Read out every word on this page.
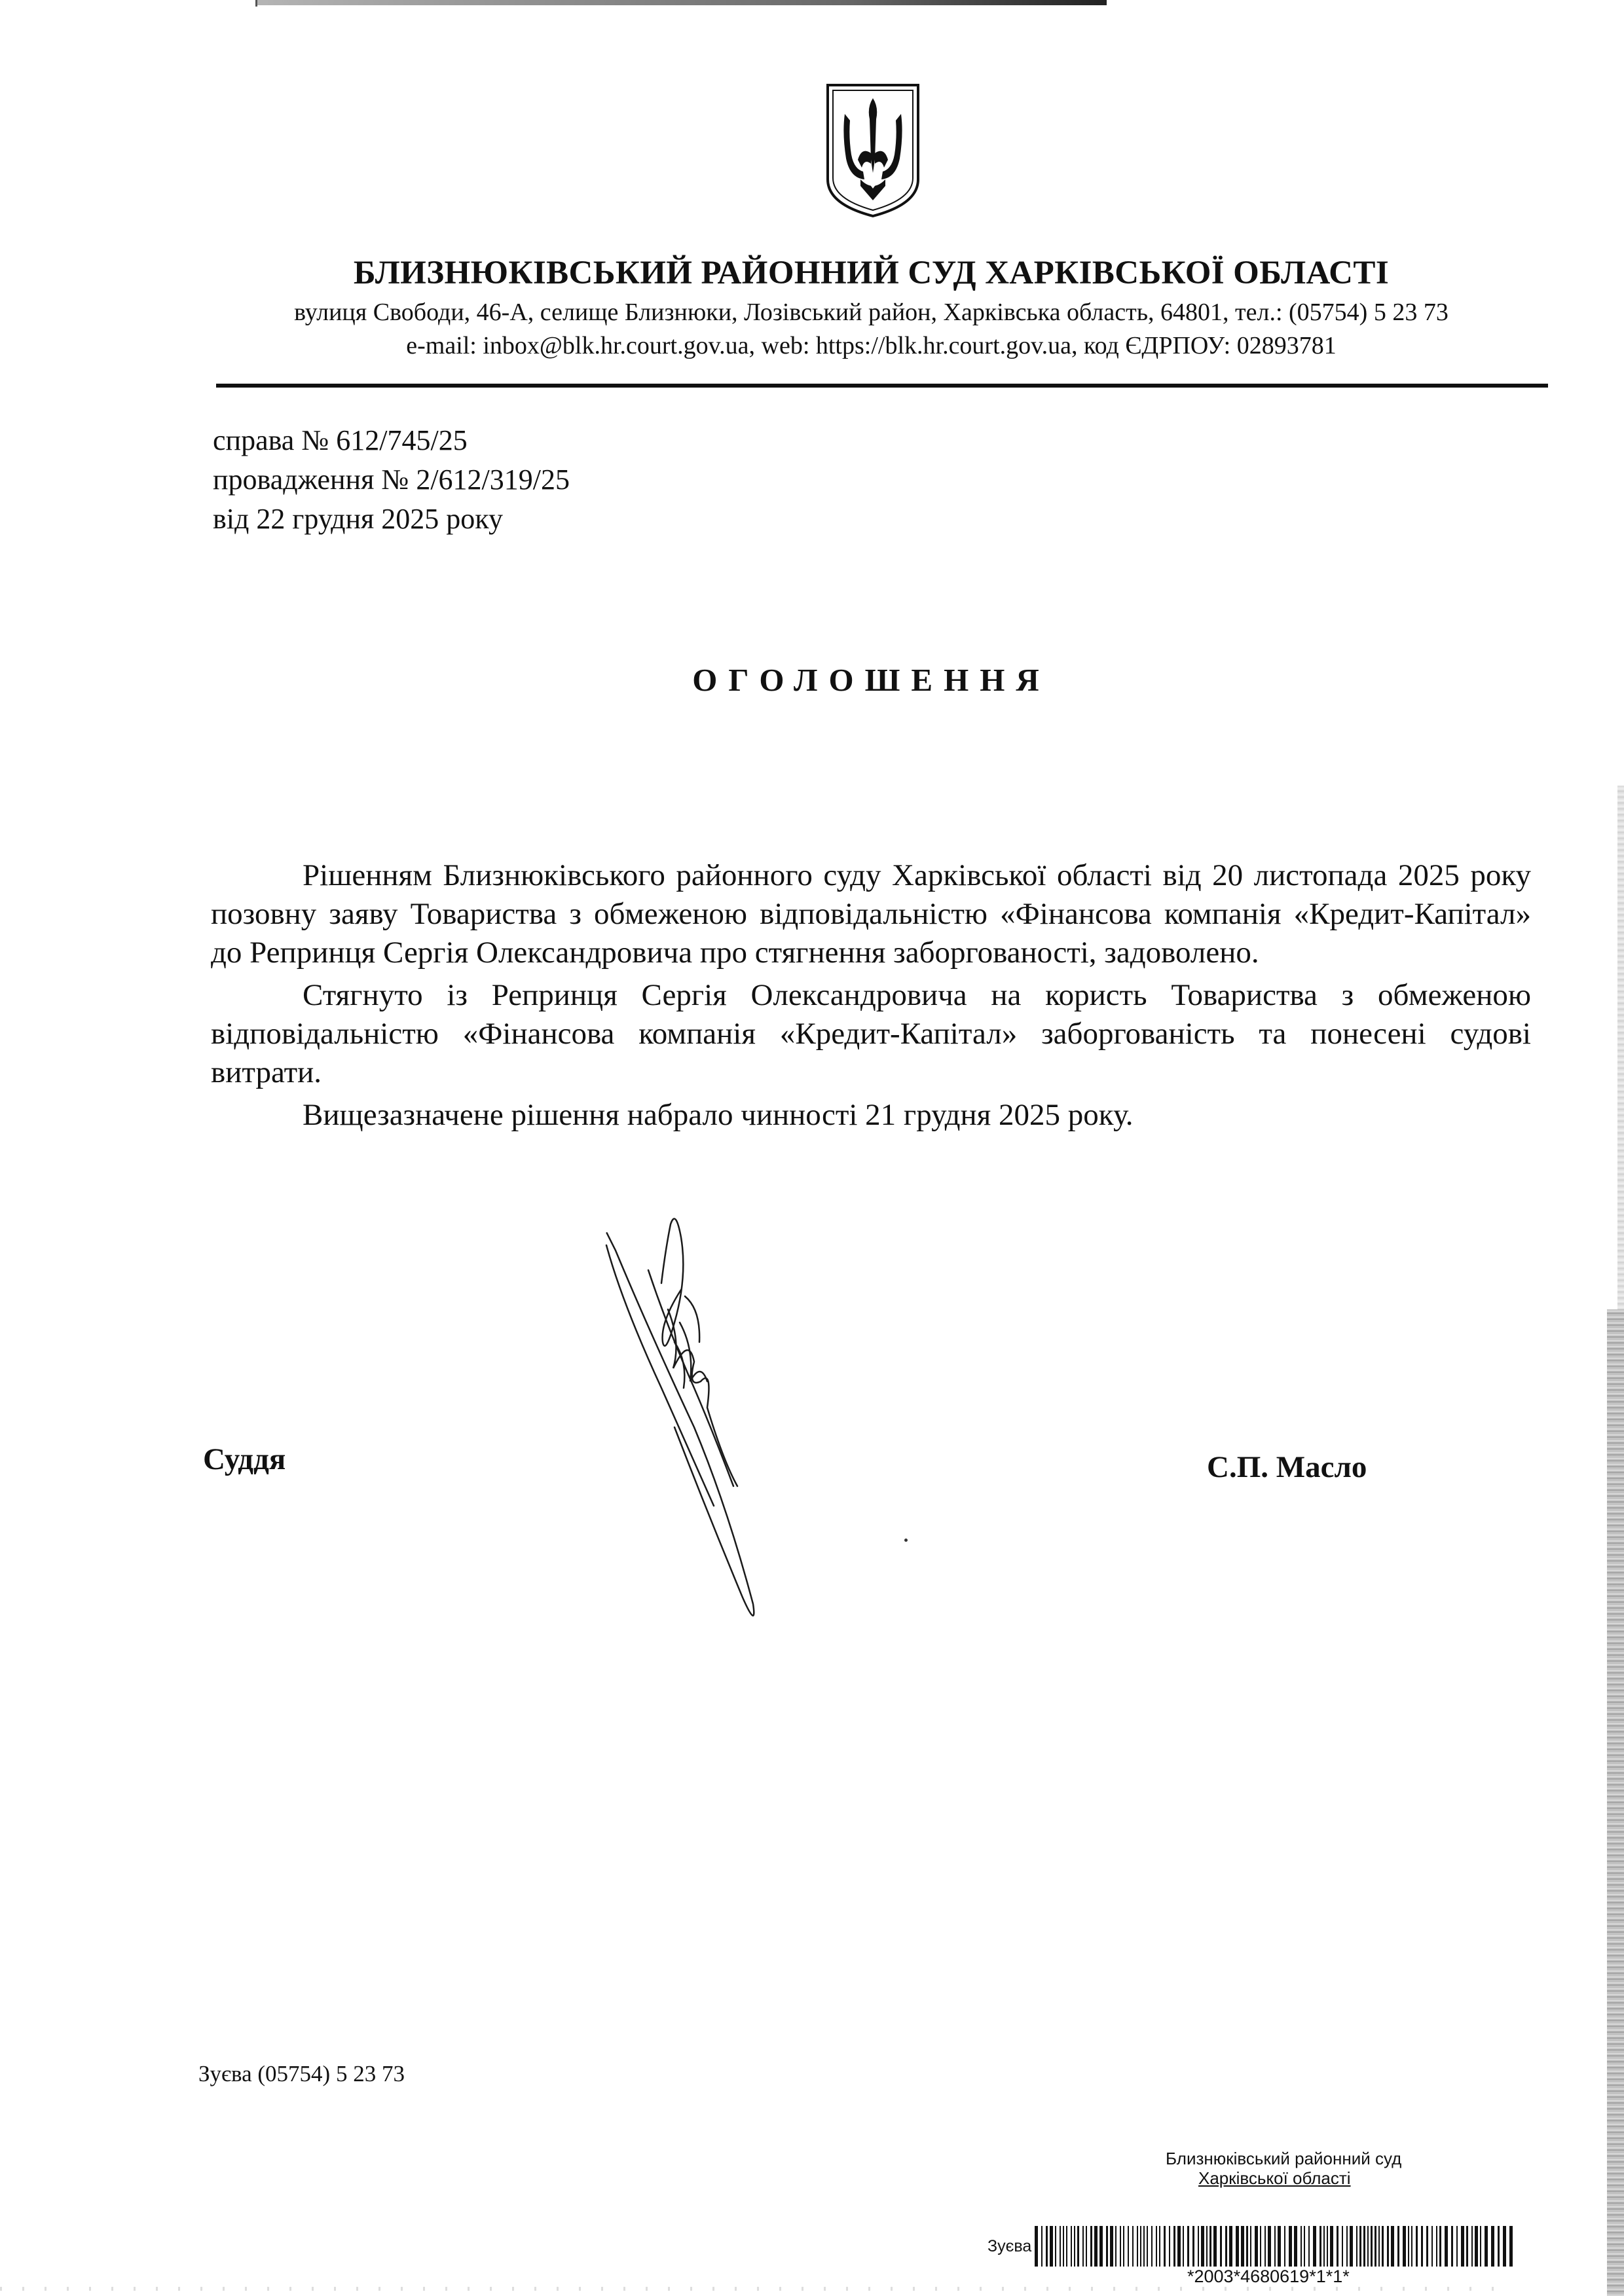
БЛИЗНЮКІВСЬКИЙ РАЙОННИЙ СУД ХАРКІВСЬКОЇ ОБЛАСТІ
вулиця Свободи, 46-А, селище Близнюки, Лозівський район, Харківська область, 64801, тел.: (05754) 5 23 73
e-mail: inbox@blk.hr.court.gov.ua, web: https://blk.hr.court.gov.ua, код ЄДРПОУ: 02893781
справа № 612/745/25
провадження № 2/612/319/25
від 22 грудня 2025 року
ОГОЛОШЕННЯ

Рішенням Близнюківського районного суду Харківської області від 20 листопада 2025 року позовну заяву Товариства з обмеженою відповідальністю «Фінансова компанія «Кредит-Капітал» до Репринця Сергія Олександровича про стягнення заборгованості, задоволено.

Стягнуто із Репринця Сергія Олександровича на користь Товариства з обмеженою відповідальністю «Фінансова компанія «Кредит-Капітал» заборгованість та понесені судові витрати.

Вищезазначене рішення набрало чинності 21 грудня 2025 року.

Суддя	С.П. Масло
Зуєва (05754) 5 23 73
Близнюківський районний суд
Харківської області
Зуєва
*2003*4680619*1*1*
